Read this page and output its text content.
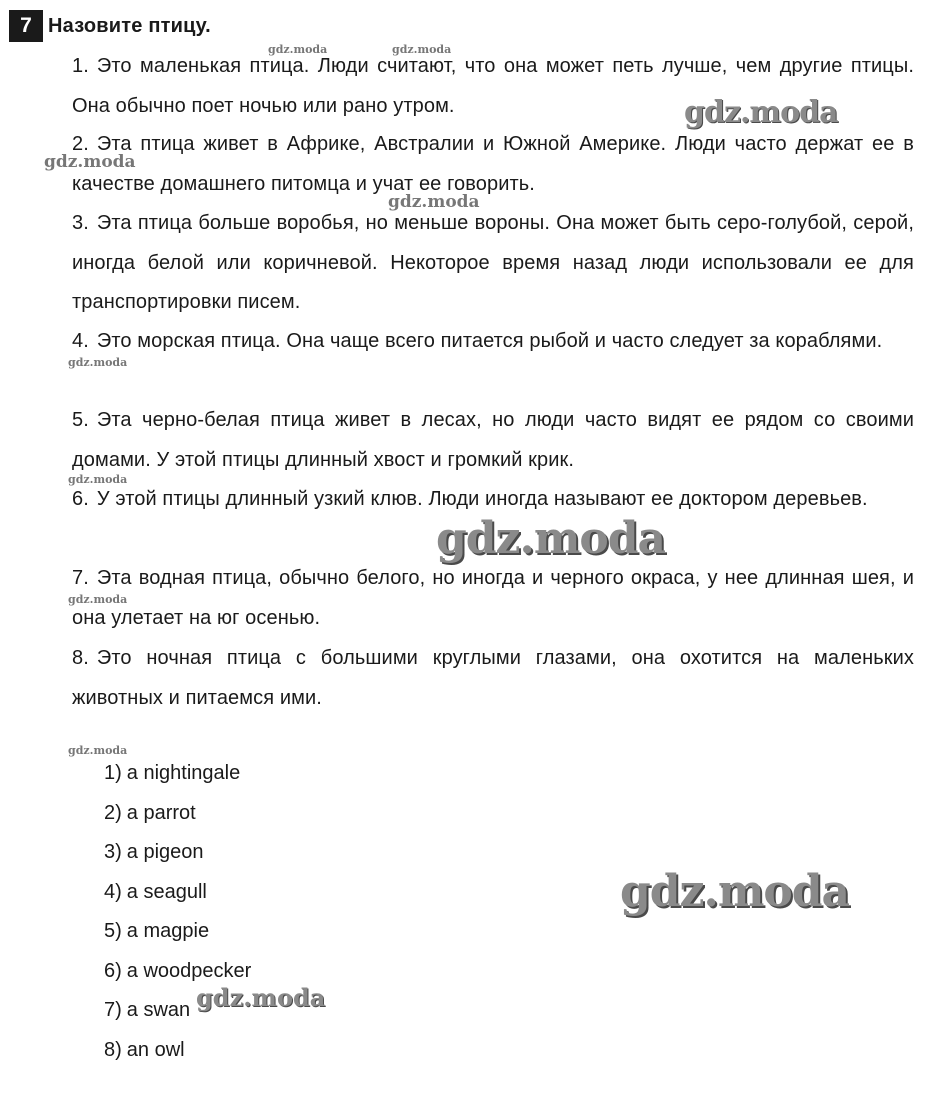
7 Назовите птицу.
1. Это маленькая птица. Люди считают, что она может петь лучше, чем другие птицы. Она обычно поет ночью или рано утром.
2. Эта птица живет в Африке, Австралии и Южной Америке. Люди часто держат ее в качестве домашнего питомца и учат ее говорить.
3. Эта птица больше воробья, но меньше вороны. Она может быть серо-голубой, серой, иногда белой или коричневой. Некоторое время назад люди использовали ее для транспортировки писем.
4. Это морская птица. Она чаще всего питается рыбой и часто следует за кораблями.
5. Эта черно-белая птица живет в лесах, но люди часто видят ее рядом со своими домами. У этой птицы длинный хвост и громкий крик.
6. У этой птицы длинный узкий клюв. Люди иногда называют ее доктором деревьев.
7. Эта водная птица, обычно белого, но иногда и черного окраса, у нее длинная шея, и она улетает на юг осенью.
8. Это ночная птица с большими круглыми глазами, она охотится на маленьких животных и питаемся ими.
1) a nightingale
2) a parrot
3) a pigeon
4) a seagull
5) a magpie
6) a woodpecker
7) a swan
8) an owl
gdz.moda	gdz.moda
gdz.moda
gdz.moda
gdz.moda
gdz.moda
gdz.moda
gdz.moda
gdz.moda
gdz.moda
gdz.moda
gdz.moda
